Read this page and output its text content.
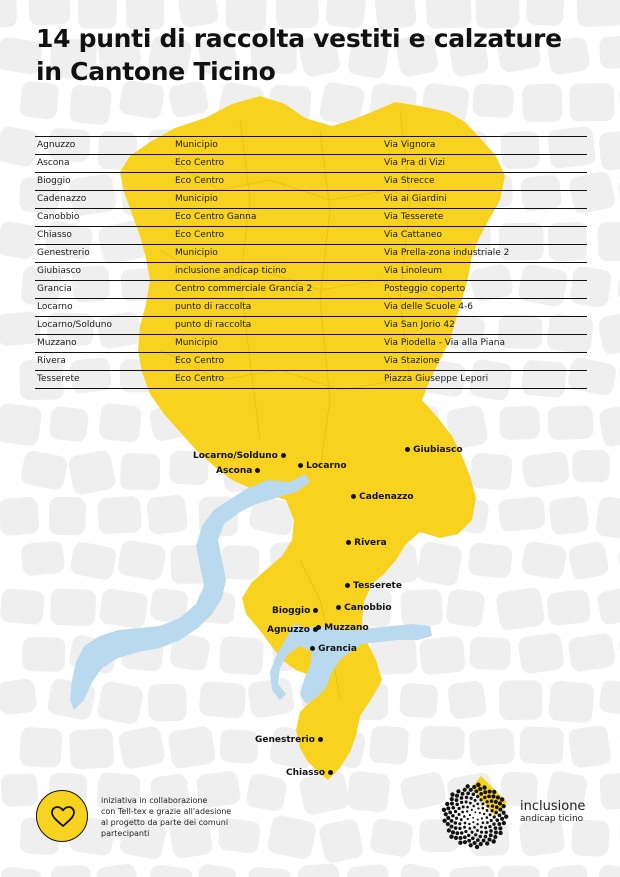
14 punti di raccolta vestiti e calzature
in Cantone Ticino
Agnuzzo	Municipio	Via Vignora
Ascona	Eco Centro	Via Pra di Vizi
Bioggio	Eco Centro	Via Strecce
Cadenazzo	Municipio	Via ai Giardini
Canobbio	Eco Centro Ganna	Via Tesserete
Chiasso	Eco Centro	Via Cattaneo
Genestrerio	Municipio	Via Prella-zona industriale 2
Giubiasco	inclusione andicap ticino	Via Linoleum
Grancia	Centro commerciale Grancia 2	Posteggio coperto
Locarno	punto di raccolta	Via delle Scuole 4-6
Locarno/Solduno	punto di raccolta	Via San Jorio 42
Muzzano	Municipio	Via Piodella - Via alla Piana
Rivera	Eco Centro	Via Stazione
Tesserete	Eco Centro	Piazza Giuseppe Lepori
Locarno/Solduno
Ascona	Locarno
Giubiasco
Cadenazzo
Rivera
Tesserete
Bioggio	Canobbio
Agnuzzo	Muzzano
Grancia
Genestrerio
Chiasso
iniziativa in collaborazione
con Tell-tex e grazie all'adesione
al progetto da parte dei comuni
partecipanti
inclusione
andicap ticino
